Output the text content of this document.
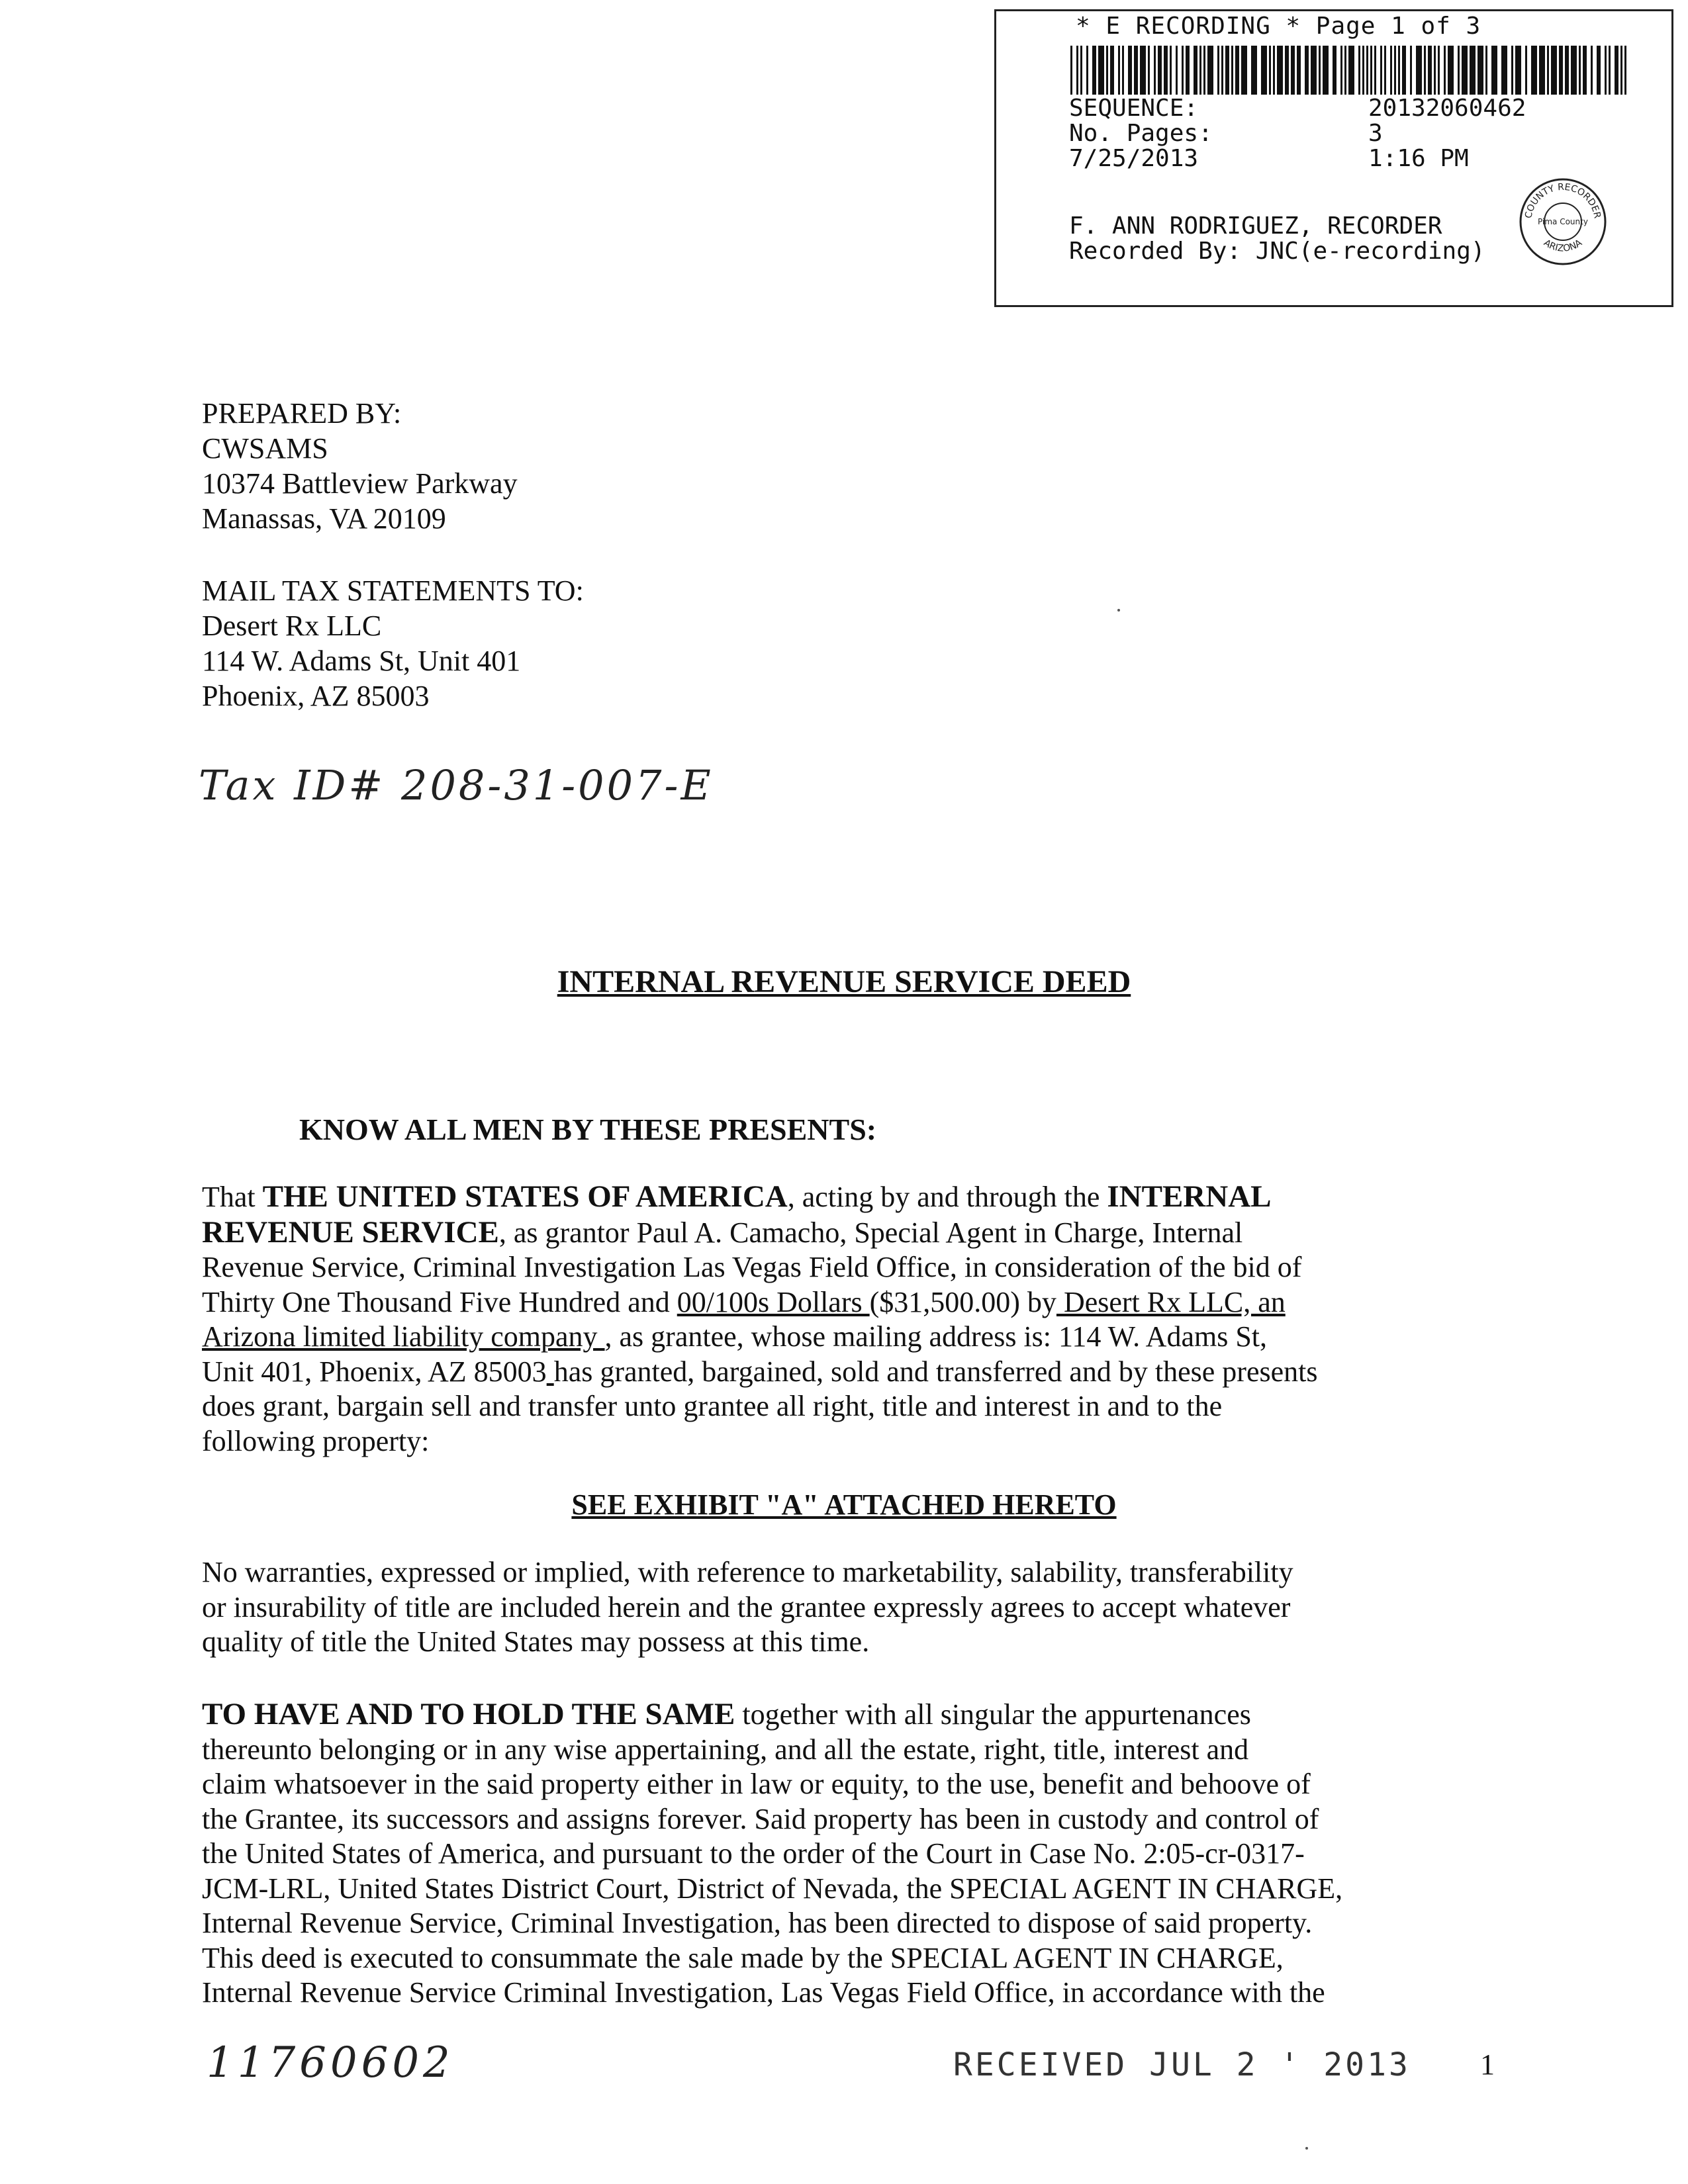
* E RECORDING * Page 1 of 3
SEQUENCE:	20132060462
No. Pages:	3
7/25/2013	1:16 PM
F. ANN RODRIGUEZ, RECORDER
Recorded By: JNC(e-recording)
COUNTY RECORDER
Pima County
ARIZONA
PREPARED BY:
CWSAMS
10374 Battleview Parkway
Manassas, VA 20109
MAIL TAX STATEMENTS TO:
Desert Rx LLC
114 W. Adams St, Unit 401
Phoenix, AZ 85003
Tax ID# 208-31-007-E
INTERNAL REVENUE SERVICE DEED
KNOW ALL MEN BY THESE PRESENTS:
That THE UNITED STATES OF AMERICA, acting by and through the INTERNAL
REVENUE SERVICE, as grantor Paul A. Camacho, Special Agent in Charge, Internal
Revenue Service, Criminal Investigation Las Vegas Field Office, in consideration of the bid of
Thirty One Thousand Five Hundred and 00/100s Dollars ($31,500.00) by Desert Rx LLC, an
Arizona limited liability company , as grantee, whose mailing address is: 114 W. Adams St,
Unit 401, Phoenix, AZ 85003 has granted, bargained, sold and transferred and by these presents
does grant, bargain sell and transfer unto grantee all right, title and interest in and to the
following property:
SEE EXHIBIT "A" ATTACHED HERETO
No warranties, expressed or implied, with reference to marketability, salability, transferability
or insurability of title are included herein and the grantee expressly agrees to accept whatever
quality of title the United States may possess at this time.
TO HAVE AND TO HOLD THE SAME together with all singular the appurtenances
thereunto belonging or in any wise appertaining, and all the estate, right, title, interest and
claim whatsoever in the said property either in law or equity, to the use, benefit and behoove of
the Grantee, its successors and assigns forever. Said property has been in custody and control of
the United States of America, and pursuant to the order of the Court in Case No. 2:05-cr-0317-
JCM-LRL, United States District Court, District of Nevada, the SPECIAL AGENT IN CHARGE,
Internal Revenue Service, Criminal Investigation, has been directed to dispose of said property.
This deed is executed to consummate the sale made by the SPECIAL AGENT IN CHARGE,
Internal Revenue Service Criminal Investigation, Las Vegas Field Office, in accordance with the
11760602	RECEIVED JUL 2 ' 2013 1
